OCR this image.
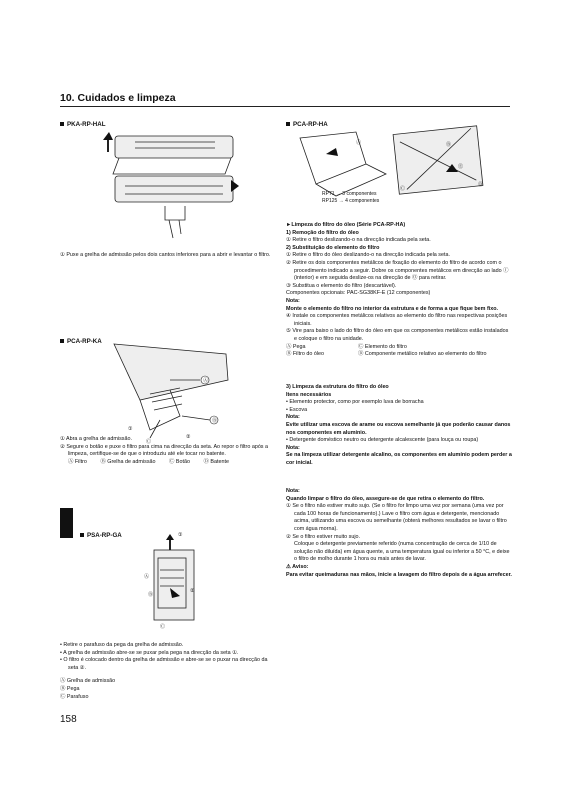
10. Cuidados e limpeza
PKA-RP-HAL
① Puxe a grelha de admissão pelos dois cantos inferiores para a abrir e levantar o filtro.
PCA-RP-KA
Ⓐ
Ⓑ
Ⓒ
①
②
① Abra a grelha de admissão.
② Segure o botão e puxe o filtro para cima na direcção da seta. Ao repor o filtro após a limpeza, certifique-se de que o introduziu até ele tocar no batente.
Ⓐ Filtro	Ⓑ Grelha de admissão	Ⓒ Botão	Ⓓ Batente
PSA-RP-GA	①
②
Ⓐ
Ⓑ
Ⓒ
• Retire o parafuso da pega da grelha de admissão.
• A grelha de admissão abre-se se puxar pela pega na direcção da seta ①.
• O filtro é colocado dentro da grelha de admissão e abre-se se o puxar na direcção da seta ②.
Ⓐ Grelha de admissão
Ⓑ Pega
Ⓒ Parafuso
158
PCA-RP-HA
Ⓐ	Ⓑ
Ⓒ
Ⓓ
Ⓔ
RP71 → 3 componentes
RP125 → 4 componentes
►Limpeza do filtro do óleo (Série PCA-RP-HA)
1) Remoção do filtro do óleo
① Retire o filtro deslizando-o na direcção indicada pela seta.
2) Substituição do elemento do filtro
① Retire o filtro do óleo deslizando-o na direcção indicada pela seta.
② Retire os dois componentes metálicos de fixação do elemento do filtro de acordo com o procedimento indicado a seguir. Dobre os componentes metálicos em direcção ao lado Ⓘ (interior) e em seguida deslize-os na direcção de Ⓞ para retirar.
③ Substitua o elemento do filtro (descartável).
Componentes opcionais: PAC-SG38KF-E (12 componentes)
Nota:
Monte o elemento do filtro no interior da estrutura e de forma a que fique bem fixo.
④ Instale os componentes metálicos relativos ao elemento do filtro nas respectivas posições iniciais.
⑤ Vire para baixo o lado do filtro do óleo em que os componentes metálicos estão instalados e coloque o filtro na unidade.
Ⓐ Pega	Ⓒ Elemento do filtro
Ⓑ Filtro do óleo	Ⓓ Componente metálico relativo ao elemento do filtro
3) Limpeza da estrutura do filtro do óleo
Itens necessários
• Elemento protector, como por exemplo luva de borracha
• Escova
Nota:
Evite utilizar uma escova de arame ou escova semelhante já que poderão causar danos nos componentes em alumínio.
• Detergente doméstico neutro ou detergente alcalescente (para louça ou roupa)
Nota:
Se na limpeza utilizar detergente alcalino, os componentes em alumínio podem perder a cor inicial.
Nota:
Quando limpar o filtro do óleo, assegure-se de que retira o elemento do filtro.
① Se o filtro não estiver muito sujo. (Se o filtro for limpo uma vez por semana (uma vez por cada 100 horas de funcionamento).) Lave o filtro com água e detergente, mencionado acima, utilizando uma escova ou semelhante (obterá melhores resultados se lavar o filtro com água morna).
② Se o filtro estiver muito sujo.
Coloque o detergente previamente referido (numa concentração de cerca de 1/10 de solução não diluída) em água quente, a uma temperatura igual ou inferior a 50 °C, e deixe o filtro de molho durante 1 hora ou mais antes de lavar.
⚠ Aviso:
Para evitar queimaduras nas mãos, inicie a lavagem do filtro depois de a água arrefecer.
